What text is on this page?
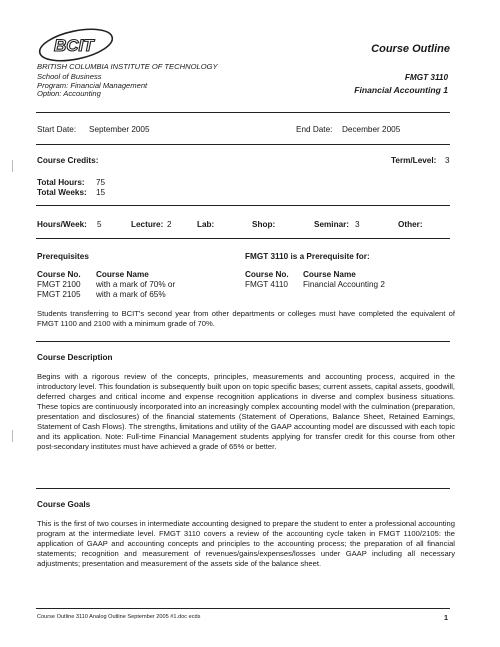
BCIT	Course Outline
BRITISH COLUMBIA INSTITUTE OF TECHNOLOGY
School of Business
Program: Financial Management
Option: Accounting
FMGT 3110
Financial Accounting 1
Start Date: September 2005	End Date: December 2005
Course Credits:	Term/Level: 3
Total Hours: 75
Total Weeks: 15
Hours/Week: 5	Lecture: 2	Lab:	Shop:	Seminar: 3	Other:
Prerequisites	FMGT 3110 is a Prerequisite for:
Course No. Course Name
FMGT 2100 with a mark of 70% or
FMGT 2105 with a mark of 65%
Course No. Course Name
FMGT 4110 Financial Accounting 2
Students transferring to BCIT's second year from other departments or colleges must have completed the equivalent of FMGT 1100 and 2100 with a minimum grade of 70%.
Course Description
Begins with a rigorous review of the concepts, principles, measurements and accounting process, acquired in the introductory level. This foundation is subsequently built upon on topic specific bases; current assets, capital assets, goodwill, deferred charges and critical income and expense recognition applications in diverse and complex business situations. These topics are continuously incorporated into an increasingly complex accounting model with the culmination (preparation, presentation and disclosures) of the financial statements (Statement of Operations, Balance Sheet, Retained Earnings, Statement of Cash Flows). The strengths, limitations and utility of the GAAP accounting model are discussed with each topic and its application. Note: Full-time Financial Management students applying for transfer credit for this course from other post-secondary institutes must have achieved a grade of 65% or better.
Course Goals
This is the first of two courses in intermediate accounting designed to prepare the student to enter a professional accounting program at the intermediate level. FMGT 3110 covers a review of the accounting cycle taken in FMGT 1100/2105: the application of GAAP and accounting concepts and principles to the accounting process; the preparation of all financial statements; recognition and measurement of revenues/gains/expenses/losses under GAAP including all necessary adjustments; presentation and measurement of the assets side of the balance sheet.
Course Outline 3110 Analog Outline September 2005 #1.doc ecds	1
